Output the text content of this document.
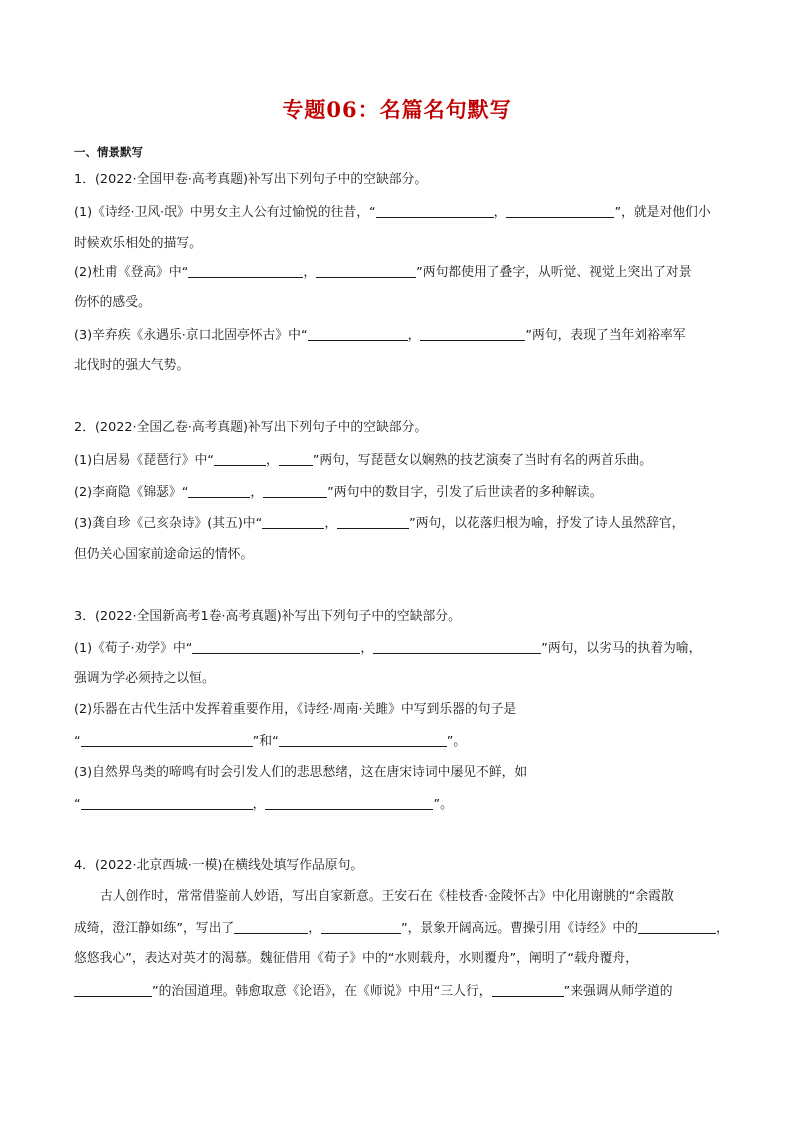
专题06：名篇名句默写
一、情景默写
1．(2022·全国甲卷·高考真题)补写出下列句子中的空缺部分。
(1)《诗经·卫风·氓》中男女主人公有过愉悦的往昔，“	，	”，就是对他们小
时候欢乐相处的描写。
(2)杜甫《登高》中“	，	”两句都使用了叠字，从听觉、视觉上突出了对景
伤怀的感受。
(3)辛弃疾《永遇乐·京口北固亭怀古》中“	，	”两句，表现了当年刘裕率军
北伐时的强大气势。
2．(2022·全国乙卷·高考真题)补写出下列句子中的空缺部分。
(1)白居易《琵琶行》中“	，	”两句，写琵琶女以娴熟的技艺演奏了当时有名的两首乐曲。
(2)李商隐《锦瑟》“	，	”两句中的数目字，引发了后世读者的多种解读。
(3)龚自珍《己亥杂诗》(其五)中“	，	”两句，以花落归根为喻，抒发了诗人虽然辞官，
但仍关心国家前途命运的情怀。
3．(2022·全国新高考1卷·高考真题)补写出下列句子中的空缺部分。
(1)《荀子·劝学》中“	，	”两句，以劣马的执着为喻，
强调为学必须持之以恒。
(2)乐器在古代生活中发挥着重要作用，《诗经·周南·关雎》中写到乐器的句子是
“	”和“	”。
(3)自然界鸟类的啼鸣有时会引发人们的悲思愁绪，这在唐宋诗词中屡见不鲜，如
“	，	”。
4．(2022·北京西城·一模)在横线处填写作品原句。
古人创作时，常常借鉴前人妙语，写出自家新意。王安石在《桂枝香·金陵怀古》中化用谢朓的“余霞散
成绮，澄江静如练”，写出了	，	”，景象开阔高远。曹操引用《诗经》中的	，
悠悠我心”，表达对英才的渴慕。魏征借用《荀子》中的“水则载舟，水则覆舟”，阐明了“载舟覆舟，
”的治国道理。韩愈取意《论语》，在《师说》中用“三人行，	”来强调从师学道的
